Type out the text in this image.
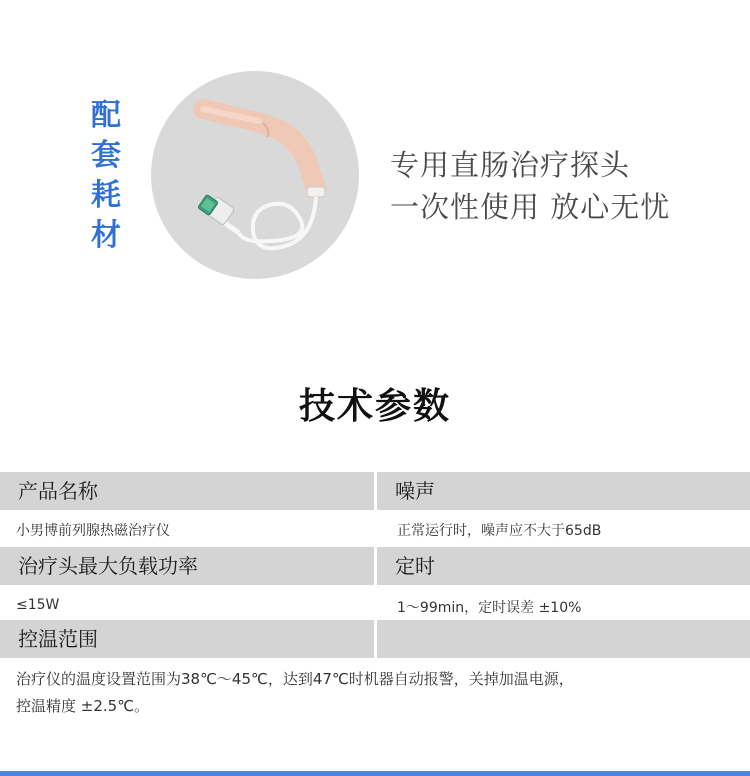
配
套
耗
材
专用直肠治疗探头
一次性使用 放心无忧
技术参数
产品名称	噪声
小男博前列腺热磁治疗仪	正常运行时，噪声应不大于65dB
治疗头最大负载功率	定时
≤15W	1～99min，定时误差 ±10%
控温范围
治疗仪的温度设置范围为38℃～45℃，达到47℃时机器自动报警，关掉加温电源，
控温精度 ±2.5℃。
